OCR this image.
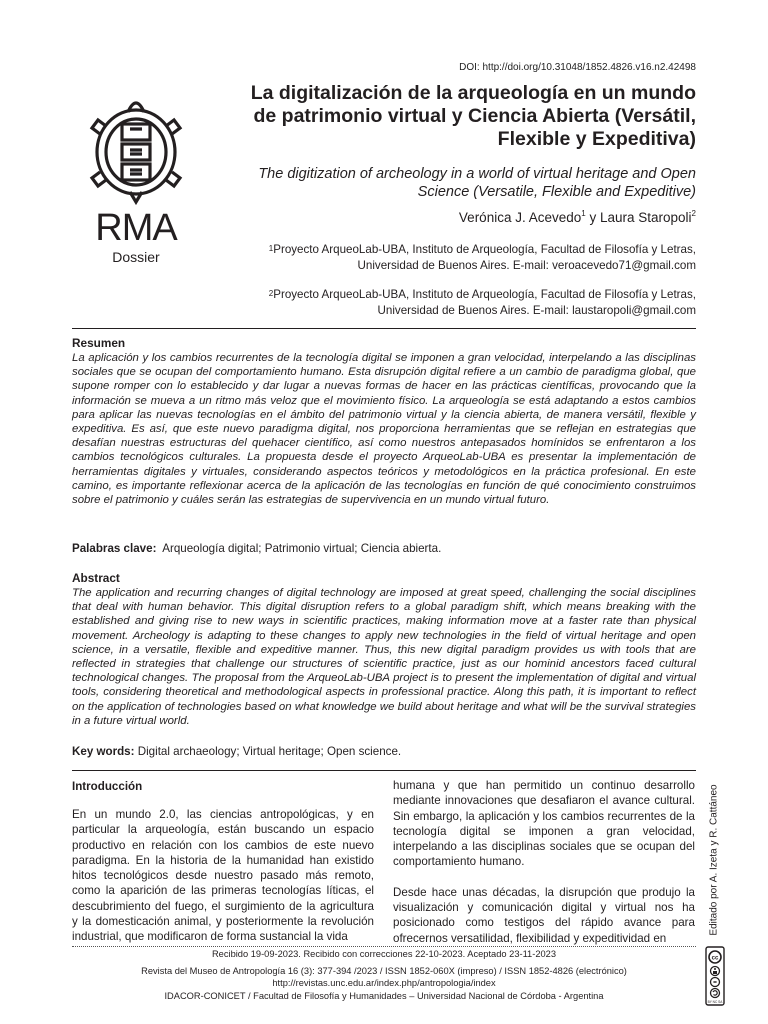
DOI: http://doi.org/10.31048/1852.4826.v16.n2.42498
RMA
Dossier
La digitalización de la arqueología en un mundo de patrimonio virtual y Ciencia Abierta (Versátil, Flexible y Expeditiva)
The digitization of archeology in a world of virtual heritage and Open Science (Versatile, Flexible and Expeditive)
Verónica J. Acevedo$^1$ y Laura Staropoli$^2$
$^1$Proyecto ArqueoLab-UBA, Instituto de Arqueología, Facultad de Filosofía y Letras,
Universidad de Buenos Aires. E-mail: veroacevedo71@gmail.com
$^2$Proyecto ArqueoLab-UBA, Instituto de Arqueología, Facultad de Filosofía y Letras,
Universidad de Buenos Aires. E-mail: laustaropoli@gmail.com
Resumen
La aplicación y los cambios recurrentes de la tecnología digital se imponen a gran velocidad, interpelando a las disciplinas sociales que se ocupan del comportamiento humano. Esta disrupción digital refiere a un cambio de paradigma global, que supone romper con lo establecido y dar lugar a nuevas formas de hacer en las prácticas científicas, provocando que la información se mueva a un ritmo más veloz que el movimiento físico. La arqueología se está adaptando a estos cambios para aplicar las nuevas tecnologías en el ámbito del patrimonio virtual y la ciencia abierta, de manera versátil, flexible y expeditiva. Es así, que este nuevo paradigma digital, nos proporciona herramientas que se reflejan en estrategias que desafían nuestras estructuras del quehacer científico, así como nuestros antepasados homínidos se enfrentaron a los cambios tecnológicos culturales. La propuesta desde el proyecto ArqueoLab-UBA es presentar la implementación de herramientas digitales y virtuales, considerando aspectos teóricos y metodológicos en la práctica profesional. En este camino, es importante reflexionar acerca de la aplicación de las tecnologías en función de qué conocimiento construimos sobre el patrimonio y cuáles serán las estrategias de supervivencia en un mundo virtual futuro.
Palabras clave: Arqueología digital; Patrimonio virtual; Ciencia abierta.
Abstract
The application and recurring changes of digital technology are imposed at great speed, challenging the social disciplines that deal with human behavior. This digital disruption refers to a global paradigm shift, which means breaking with the established and giving rise to new ways in scientific practices, making information move at a faster rate than physical movement. Archeology is adapting to these changes to apply new technologies in the field of virtual heritage and open science, in a versatile, flexible and expeditive manner. Thus, this new digital paradigm provides us with tools that are reflected in strategies that challenge our structures of scientific practice, just as our hominid ancestors faced cultural technological changes. The proposal from the ArqueoLab-UBA project is to present the implementation of digital and virtual tools, considering theoretical and methodological aspects in professional practice. Along this path, it is important to reflect on the application of technologies based on what knowledge we build about heritage and what will be the survival strategies in a future virtual world.
Key words: Digital archaeology; Virtual heritage; Open science.
Introducción

En un mundo 2.0, las ciencias antropológicas, y en particular la arqueología, están buscando un espacio productivo en relación con los cambios de este nuevo paradigma. En la historia de la humanidad han existido hitos tecnológicos desde nuestro pasado más remoto, como la aparición de las primeras tecnologías líticas, el descubrimiento del fuego, el surgimiento de la agricultura y la domesticación animal, y posteriormente la revolución industrial, que modificaron de forma sustancial la vida

humana y que han permitido un continuo desarrollo mediante innovaciones que desafiaron el avance cultural. Sin embargo, la aplicación y los cambios recurrentes de la tecnología digital se imponen a gran velocidad, interpelando a las disciplinas sociales que se ocupan del comportamiento humano.

Desde hace unas décadas, la disrupción que produjo la visualización y comunicación digital y virtual nos ha posicionado como testigos del rápido avance para ofrecernos versatilidad, flexibilidad y expeditividad en

Editado por A. Izeta y R. Cattáneo
Recibido 19-09-2023. Recibido con correcciones 22-10-2023. Aceptado 23-11-2023
Revista del Museo de Antropología 16 (3): 377-394 /2023 / ISSN 1852-060X (impreso) / ISSN 1852-4826 (electrónico)
http://revistas.unc.edu.ar/index.php/antropologia/index
IDACOR-CONICET / Facultad de Filosofía y Humanidades – Universidad Nacional de Córdoba - Argentina
cc
BY NC SA
